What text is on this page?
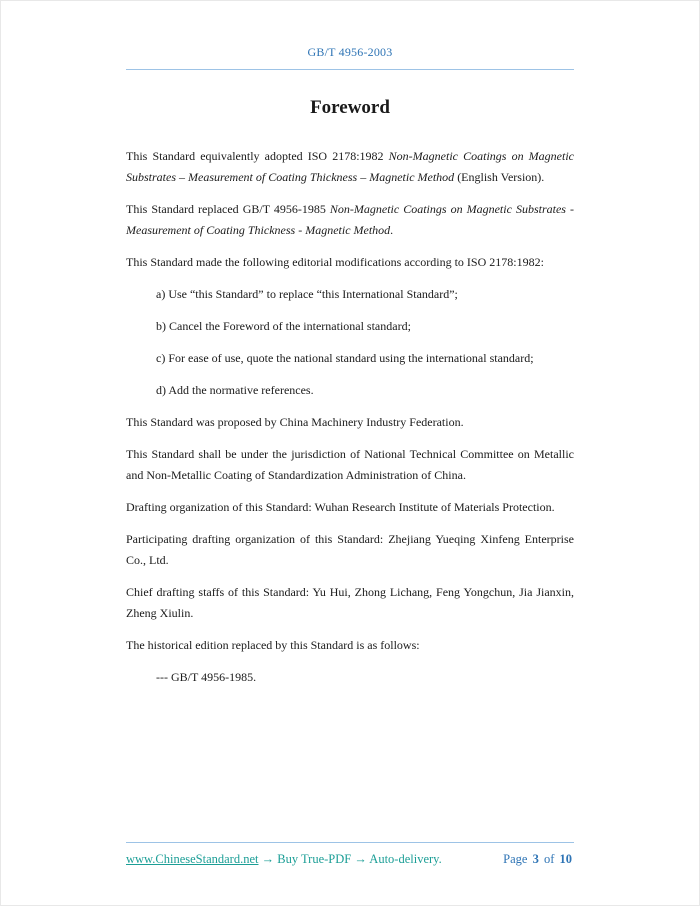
GB/T 4956-2003
Foreword

This Standard equivalently adopted ISO 2178:1982 Non-Magnetic Coatings on Magnetic Substrates – Measurement of Coating Thickness – Magnetic Method (English Version).

This Standard replaced GB/T 4956-1985 Non-Magnetic Coatings on Magnetic Substrates - Measurement of Coating Thickness - Magnetic Method.

This Standard made the following editorial modifications according to ISO 2178:1982:

a) Use “this Standard” to replace “this International Standard”;

b) Cancel the Foreword of the international standard;

c) For ease of use, quote the national standard using the international standard;

d) Add the normative references.

This Standard was proposed by China Machinery Industry Federation.

This Standard shall be under the jurisdiction of National Technical Committee on Metallic and Non-Metallic Coating of Standardization Administration of China.

Drafting organization of this Standard: Wuhan Research Institute of Materials Protection.

Participating drafting organization of this Standard: Zhejiang Yueqing Xinfeng Enterprise Co., Ltd.

Chief drafting staffs of this Standard: Yu Hui, Zhong Lichang, Feng Yongchun, Jia Jianxin, Zheng Xiulin.

The historical edition replaced by this Standard is as follows:

--- GB/T 4956-1985.

www.ChineseStandard.net → Buy True-PDF → Auto-delivery.	Page 3 of 10
